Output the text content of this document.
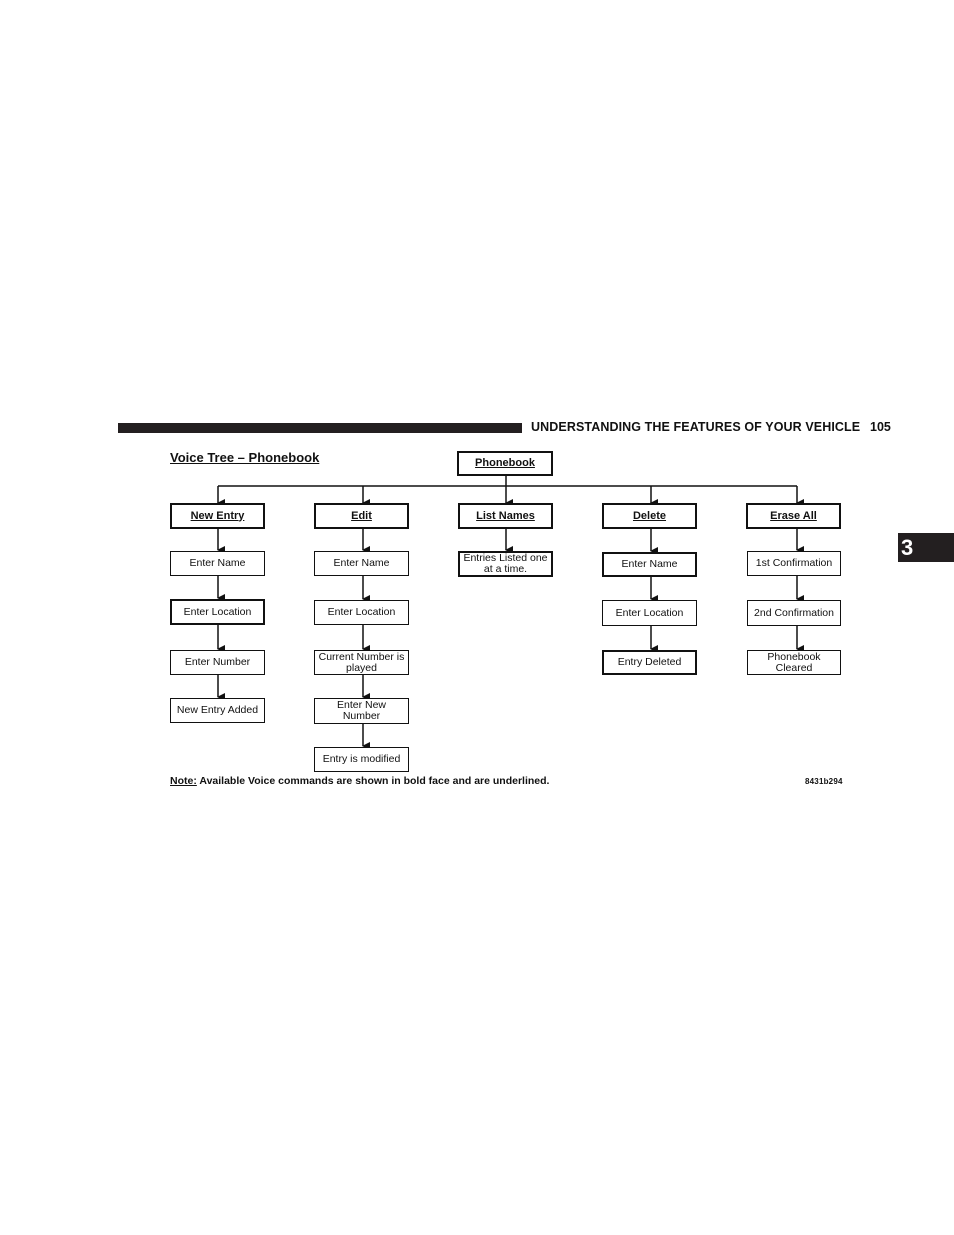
UNDERSTANDING THE FEATURES OF YOUR VEHICLE 105
3
Voice Tree – Phonebook	Phonebook
New Entry
Enter Name
Enter Location
Enter Number
New Entry Added
Edit
Enter Name
Enter Location
Current Number is played
Enter New Number
Entry is modified
List Names
Entries Listed one at a time.
Delete
Enter Name
Enter Location
Entry Deleted
Erase All
1st Confirmation
2nd Confirmation
Phonebook Cleared
Note: Available Voice commands are shown in bold face and are underlined.	8431b294
